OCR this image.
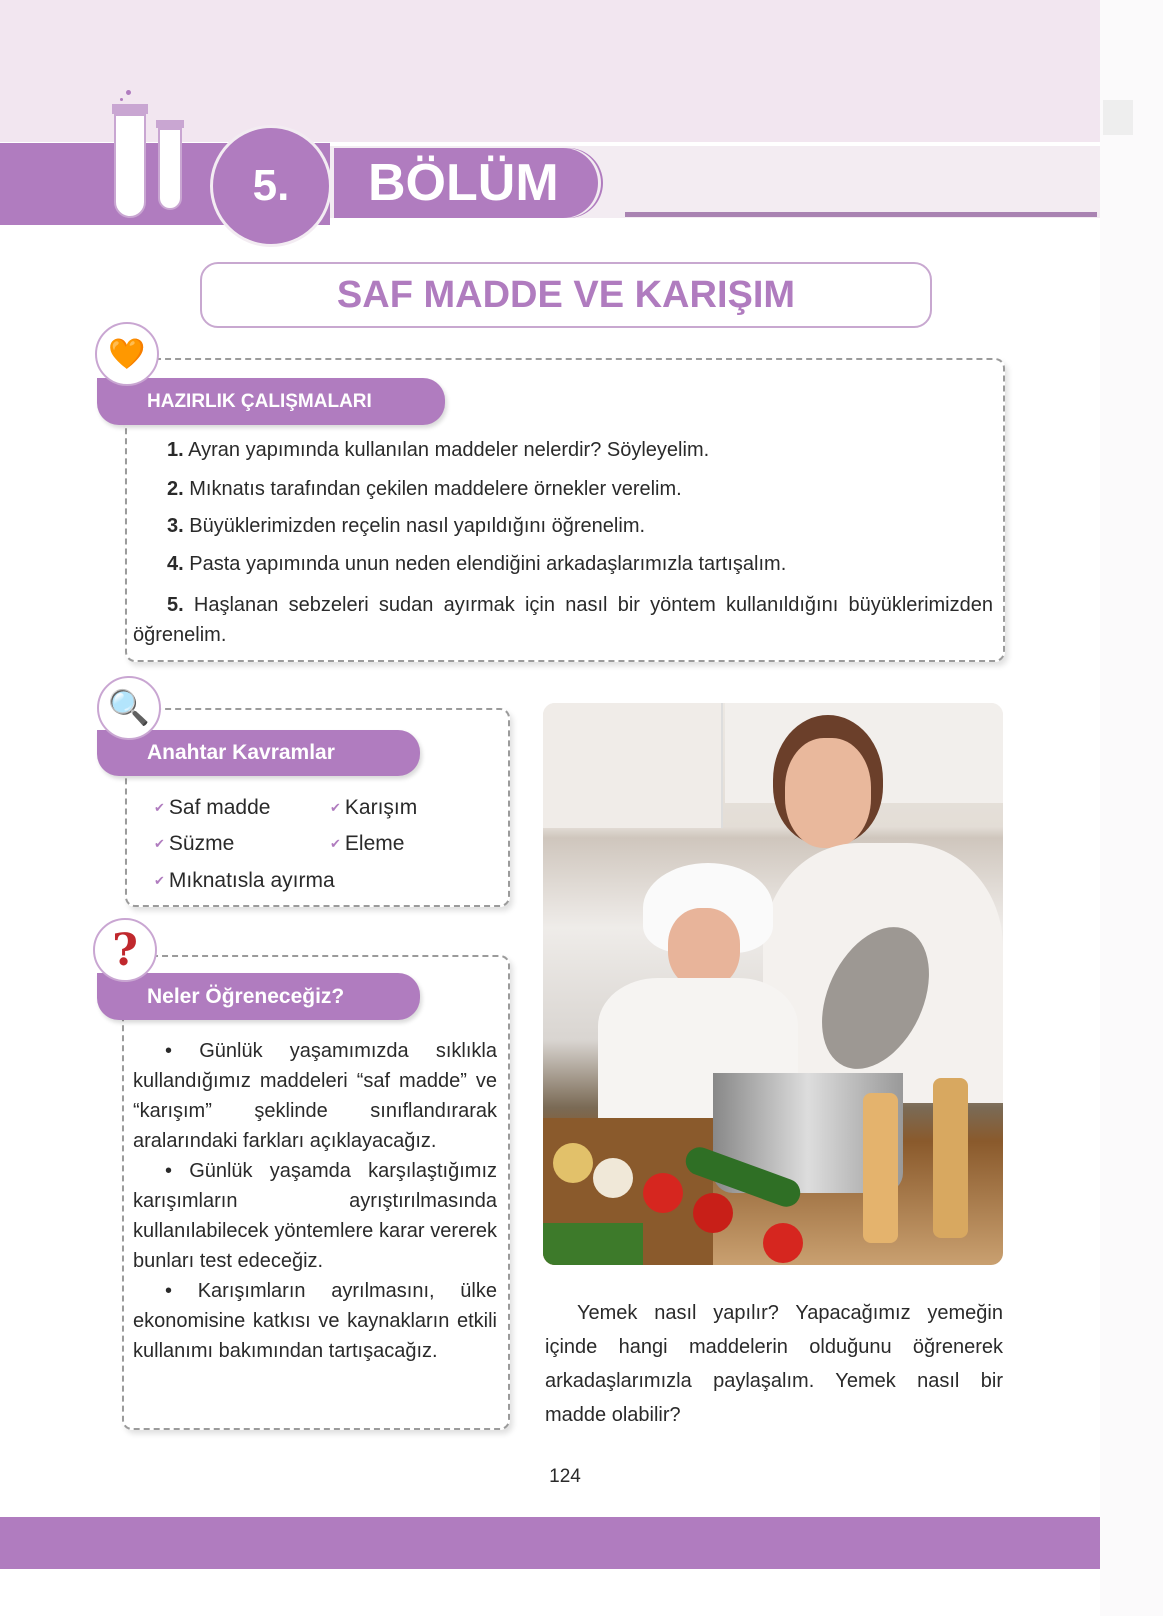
5.	BÖLÜM
SAF MADDE VE KARIŞIM
HAZIRLIK ÇALIŞMALARI
🧡
1. Ayran yapımında kullanılan maddeler nelerdir? Söyleyelim.
2. Mıknatıs tarafından çekilen maddelere örnekler verelim.
3. Büyüklerimizden reçelin nasıl yapıldığını öğrenelim.
4. Pasta yapımında unun neden elendiğini arkadaşlarımızla tartışalım.
5. Haşlanan sebzeleri sudan ayırmak için nasıl bir yöntem kullanıldığını büyüklerimizden öğrenelim.
Anahtar Kavramlar
🔍
✔ Saf madde	✔ Karışım
✔ Süzme	✔ Eleme
✔ Mıknatısla ayırma
Neler Öğreneceğiz?
?

• Günlük yaşamımızda sıklıkla kullandığımız maddeleri “saf madde” ve “karışım” şeklinde sınıflandırarak aralarındaki farkları açıklayacağız.

• Günlük yaşamda karşılaştığımız karışımların ayrıştırılmasında kullanılabilecek yöntemlere karar vererek bunları test edeceğiz.

• Karışımların ayrılmasını, ülke ekonomisine katkısı ve kaynakların etkili kullanımı bakımından tartışacağız.

Yemek nasıl yapılır? Yapacağımız yemeğin içinde hangi maddelerin olduğunu öğrenerek arkadaşlarımızla paylaşalım. Yemek nasıl bir madde olabilir?

124
